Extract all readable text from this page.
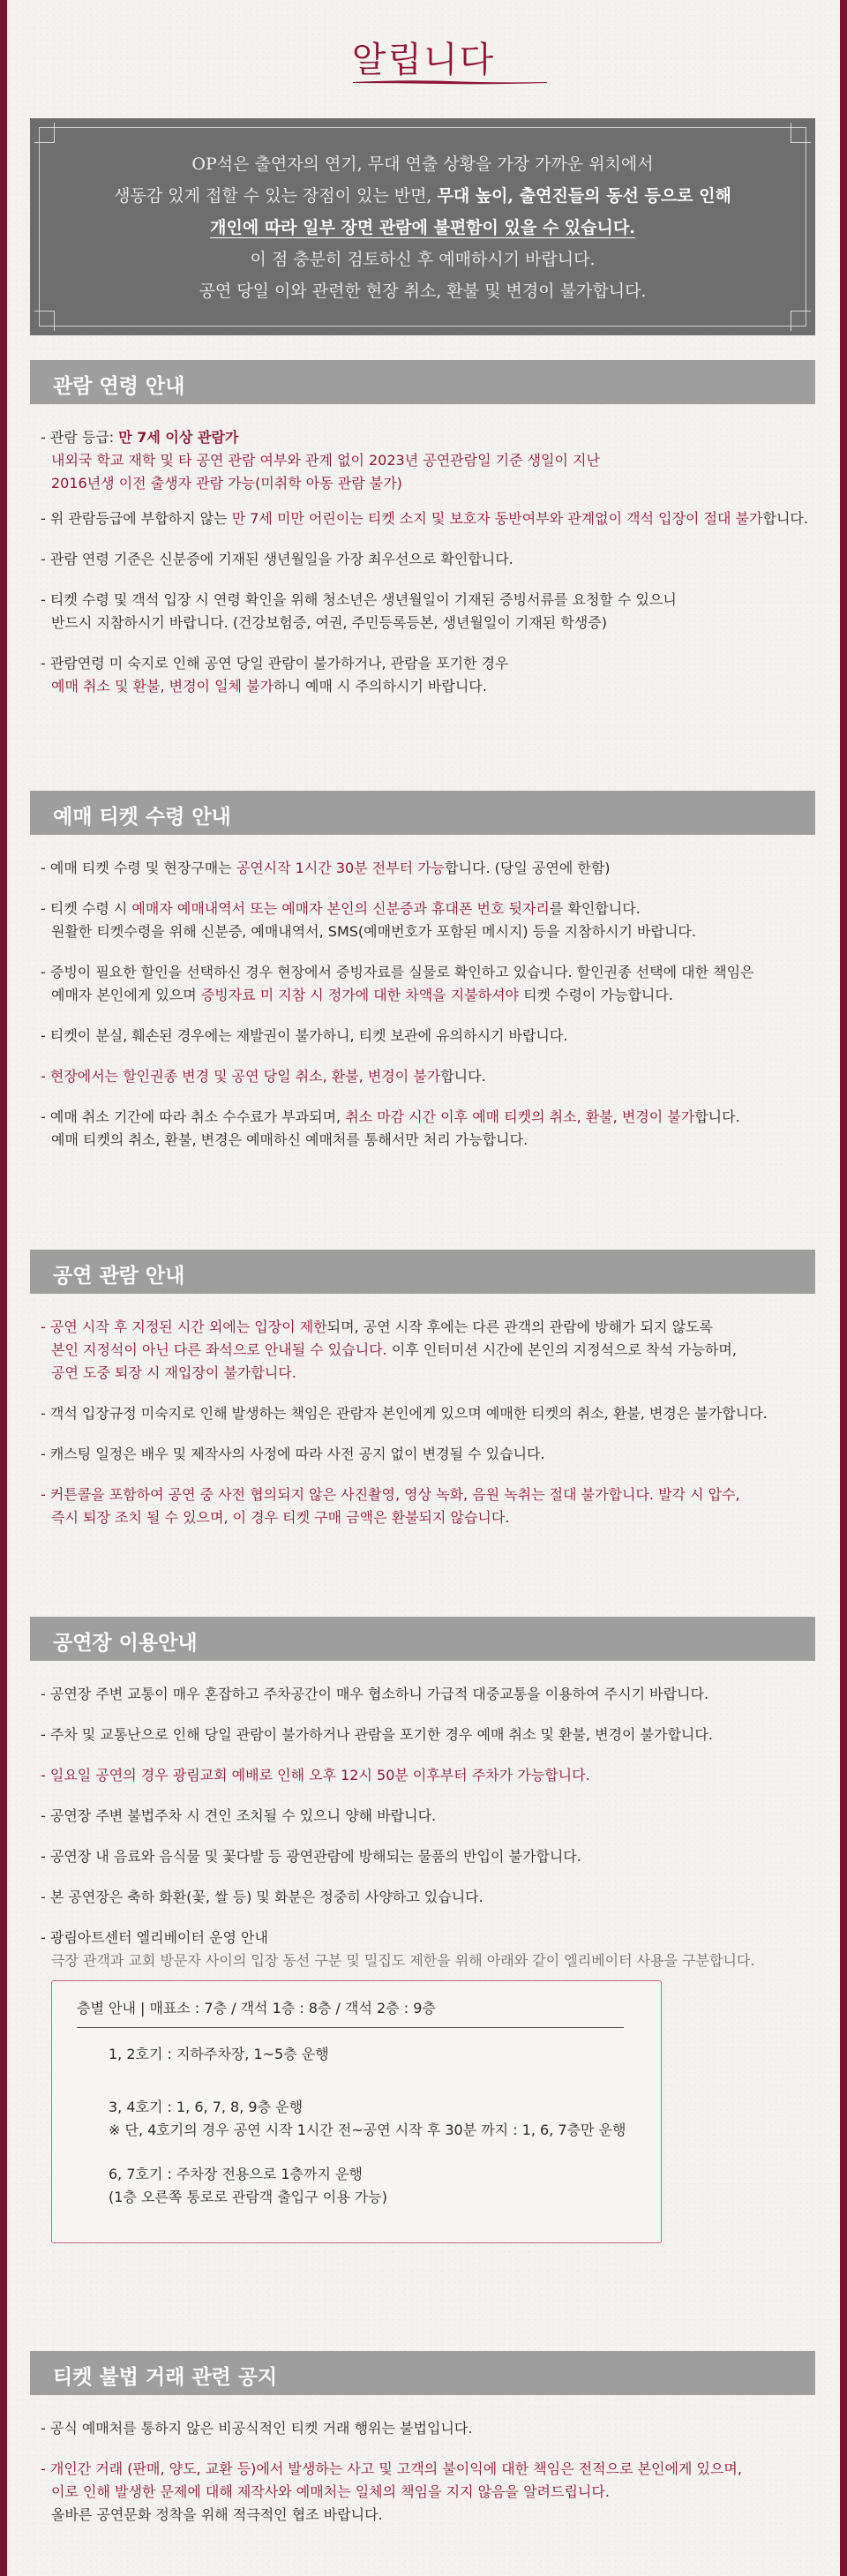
알립니다
OP석은 출연자의 연기, 무대 연출 상황을 가장 가까운 위치에서
생동감 있게 접할 수 있는 장점이 있는 반면, 무대 높이, 출연진들의 동선 등으로 인해
개인에 따라 일부 장면 관람에 불편함이 있을 수 있습니다.
이 점 충분히 검토하신 후 예매하시기 바랍니다.
공연 당일 이와 관련한 현장 취소, 환불 및 변경이 불가합니다.
관람 연령 안내
- 관람 등급: 만 7세 이상 관람가
내외국 학교 재학 및 타 공연 관람 여부와 관계 없이 2023년 공연관람일 기준 생일이 지난
2016년생 이전 출생자 관람 가능(미취학 아동 관람 불가)
- 위 관람등급에 부합하지 않는 만 7세 미만 어린이는 티켓 소지 및 보호자 동반여부와 관계없이 객석 입장이 절대 불가합니다.
- 관람 연령 기준은 신분증에 기재된 생년월일을 가장 최우선으로 확인합니다.
- 티켓 수령 및 객석 입장 시 연령 확인을 위해 청소년은 생년월일이 기재된 증빙서류를 요청할 수 있으니
반드시 지참하시기 바랍니다. (건강보험증, 여권, 주민등록등본, 생년월일이 기재된 학생증)
- 관람연령 미 숙지로 인해 공연 당일 관람이 불가하거나, 관람을 포기한 경우
예매 취소 및 환불, 변경이 일체 불가하니 예매 시 주의하시기 바랍니다.
예매 티켓 수령 안내
- 예매 티켓 수령 및 현장구매는 공연시작 1시간 30분 전부터 가능합니다. (당일 공연에 한함)
- 티켓 수령 시 예매자 예매내역서 또는 예매자 본인의 신분증과 휴대폰 번호 뒷자리를 확인합니다.
원활한 티켓수령을 위해 신분증, 예매내역서, SMS(예매번호가 포함된 메시지) 등을 지참하시기 바랍니다.
- 증빙이 필요한 할인을 선택하신 경우 현장에서 증빙자료를 실물로 확인하고 있습니다. 할인권종 선택에 대한 책임은
예매자 본인에게 있으며 증빙자료 미 지참 시 정가에 대한 차액을 지불하셔야 티켓 수령이 가능합니다.
- 티켓이 분실, 훼손된 경우에는 재발권이 불가하니, 티켓 보관에 유의하시기 바랍니다.
- 현장에서는 할인권종 변경 및 공연 당일 취소, 환불, 변경이 불가합니다.
- 예매 취소 기간에 따라 취소 수수료가 부과되며, 취소 마감 시간 이후 예매 티켓의 취소, 환불, 변경이 불가합니다.
예매 티켓의 취소, 환불, 변경은 예매하신 예매처를 통해서만 처리 가능합니다.
공연 관람 안내
- 공연 시작 후 지정된 시간 외에는 입장이 제한되며, 공연 시작 후에는 다른 관객의 관람에 방해가 되지 않도록
본인 지정석이 아닌 다른 좌석으로 안내될 수 있습니다. 이후 인터미션 시간에 본인의 지정석으로 착석 가능하며,
공연 도중 퇴장 시 재입장이 불가합니다.
- 객석 입장규정 미숙지로 인해 발생하는 책임은 관람자 본인에게 있으며 예매한 티켓의 취소, 환불, 변경은 불가합니다.
- 캐스팅 일정은 배우 및 제작사의 사정에 따라 사전 공지 없이 변경될 수 있습니다.
- 커튼콜을 포함하여 공연 중 사전 협의되지 않은 사진촬영, 영상 녹화, 음원 녹취는 절대 불가합니다. 발각 시 압수,
즉시 퇴장 조치 될 수 있으며, 이 경우 티켓 구매 금액은 환불되지 않습니다.
공연장 이용안내
- 공연장 주변 교통이 매우 혼잡하고 주차공간이 매우 협소하니 가급적 대중교통을 이용하여 주시기 바랍니다.
- 주차 및 교통난으로 인해 당일 관람이 불가하거나 관람을 포기한 경우 예매 취소 및 환불, 변경이 불가합니다.
- 일요일 공연의 경우 광림교회 예배로 인해 오후 12시 50분 이후부터 주차가 가능합니다.
- 공연장 주변 불법주차 시 견인 조치될 수 있으니 양해 바랍니다.
- 공연장 내 음료와 음식물 및 꽃다발 등 광연관람에 방해되는 물품의 반입이 불가합니다.
- 본 공연장은 축하 화환(꽃, 쌀 등) 및 화분은 정중히 사양하고 있습니다.
- 광림아트센터 엘리베이터 운영 안내
극장 관객과 교회 방문자 사이의 입장 동선 구분 및 밀집도 제한을 위해 아래와 같이 엘리베이터 사용을 구분합니다.
층별 안내 | 매표소 : 7층 / 객석 1층 : 8층 / 객석 2층 : 9층
1, 2호기 : 지하주차장, 1~5층 운행
3, 4호기 : 1, 6, 7, 8, 9층 운행
※ 단, 4호기의 경우 공연 시작 1시간 전~공연 시작 후 30분 까지 : 1, 6, 7층만 운행
6, 7호기 : 주차장 전용으로 1층까지 운행
(1층 오른쪽 통로로 관람객 출입구 이용 가능)
티켓 불법 거래 관련 공지
- 공식 예매처를 통하지 않은 비공식적인 티켓 거래 행위는 불법입니다.
- 개인간 거래 (판매, 양도, 교환 등)에서 발생하는 사고 및 고객의 불이익에 대한 책임은 전적으로 본인에게 있으며,
이로 인해 발생한 문제에 대해 제작사와 예매처는 일체의 책임을 지지 않음을 알려드립니다.
올바른 공연문화 정착을 위해 적극적인 협조 바랍니다.
